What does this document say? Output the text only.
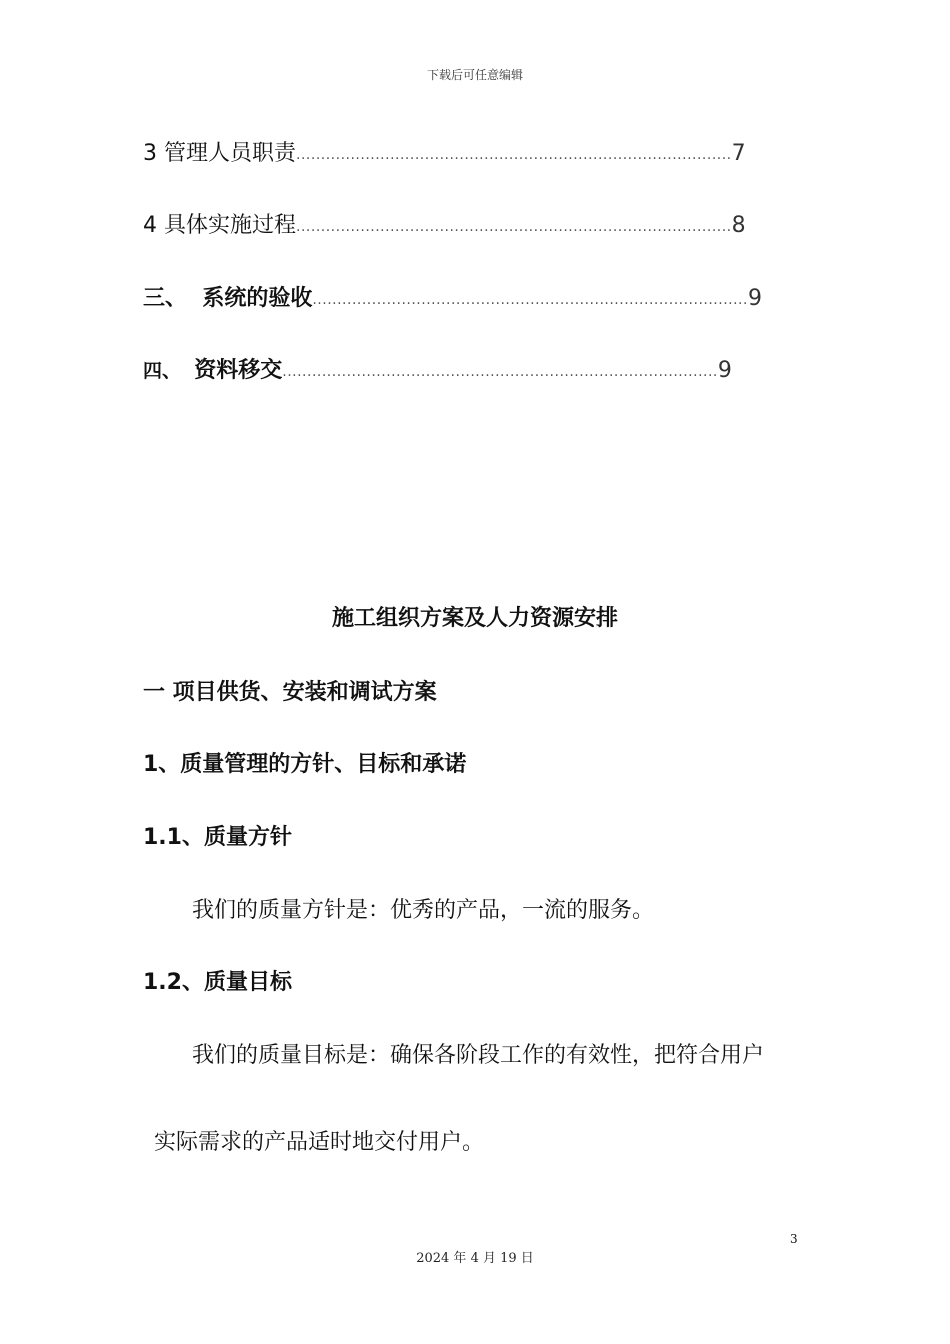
下载后可任意编辑
3 管理人员职责 ........................................................................................ 7
4 具体实施过程 ........................................................................................ 8
三、 系统的验收 ........................................................................................ 9
四、 资料移交 ........................................................................................ 9
施工组织方案及人力资源安排
一 项目供货、安装和调试方案
1、质量管理的方针、目标和承诺
1.1、质量方针
我们的质量方针是：优秀的产品，一流的服务。
1.2、质量目标
我们的质量目标是：确保各阶段工作的有效性，把符合用户
实际需求的产品适时地交付用户。
3
2024 年 4 月 19 日
